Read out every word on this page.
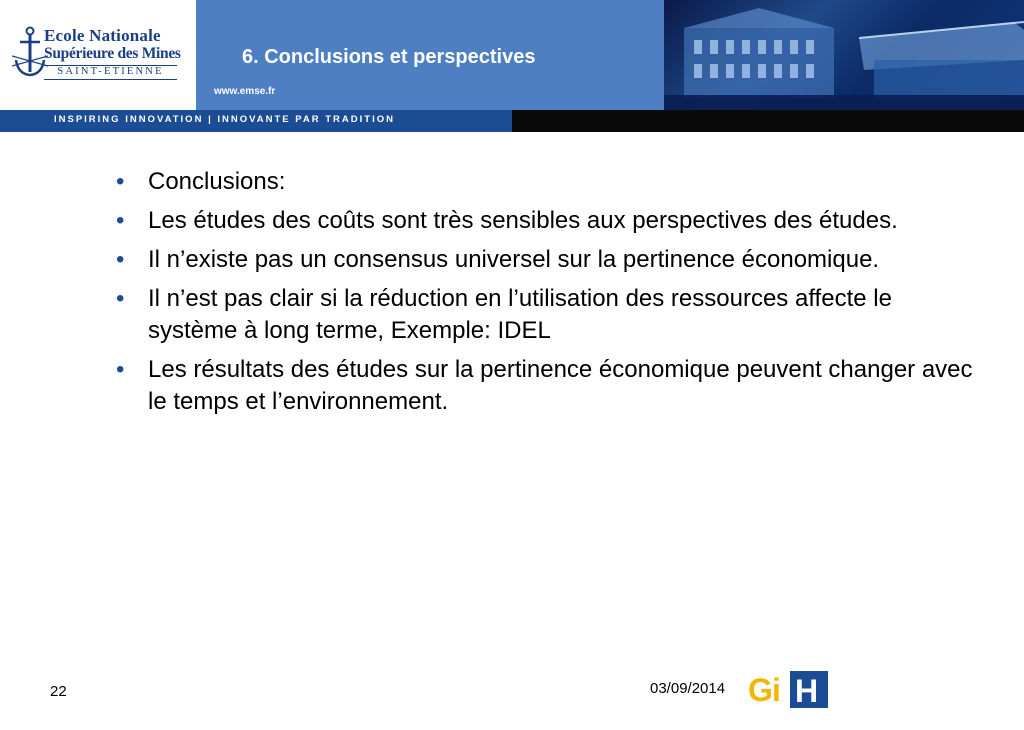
Ecole Nationale
Supérieure des Mines
SAINT-ETIENNE
6. Conclusions et perspectives
www.emse.fr
INSPIRING INNOVATION | INNOVANTE PAR TRADITION
• Conclusions:
• Les études des coûts sont très sensibles aux perspectives des études.
• Il n’existe pas un consensus universel sur la pertinence économique.
• Il n’est pas clair si la réduction en l’utilisation des ressources affecte le système à long terme, Exemple: IDEL
• Les résultats des études sur la pertinence économique peuvent changer avec le temps et l’environnement.
22	03/09/2014 G i H
